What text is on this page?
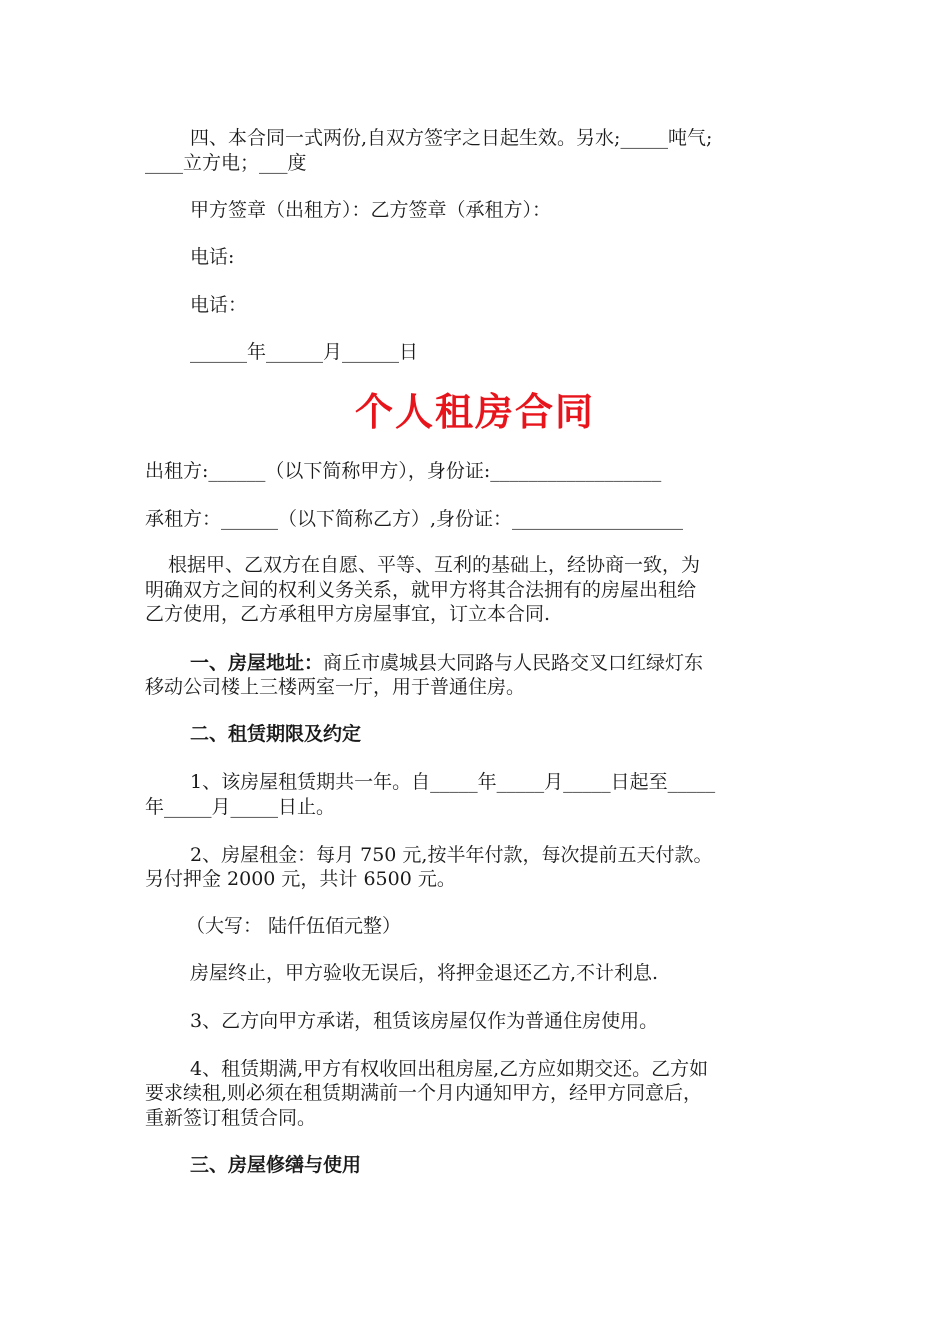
四、本合同一式两份,自双方签字之日起生效。另水;_____吨气;
____立方电；___度
甲方签章（出租方）：乙方签章（承租方）：
电话:
电话：
______年______月______日
个人租房合同
出租方:______（以下简称甲方），身份证:__________________
承租方：______（以下简称乙方）,身份证：__________________
根据甲、乙双方在自愿、平等、互利的基础上，经协商一致，为
明确双方之间的权利义务关系，就甲方将其合法拥有的房屋出租给
乙方使用，乙方承租甲方房屋事宜，订立本合同.
一、房屋地址：商丘市虞城县大同路与人民路交叉口红绿灯东
移动公司楼上三楼两室一厅，用于普通住房。
二、租赁期限及约定
1、该房屋租赁期共一年。自_____年_____月_____日起至_____
年_____月_____日止。
2、房屋租金：每月 750 元,按半年付款，每次提前五天付款。
另付押金 2000 元，共计 6500 元。
（大写： 陆仟伍佰元整）
房屋终止，甲方验收无误后，将押金退还乙方,不计利息.
3、乙方向甲方承诺，租赁该房屋仅作为普通住房使用。
4、租赁期满,甲方有权收回出租房屋,乙方应如期交还。乙方如
要求续租,则必须在租赁期满前一个月内通知甲方，经甲方同意后，
重新签订租赁合同。
三、房屋修缮与使用
